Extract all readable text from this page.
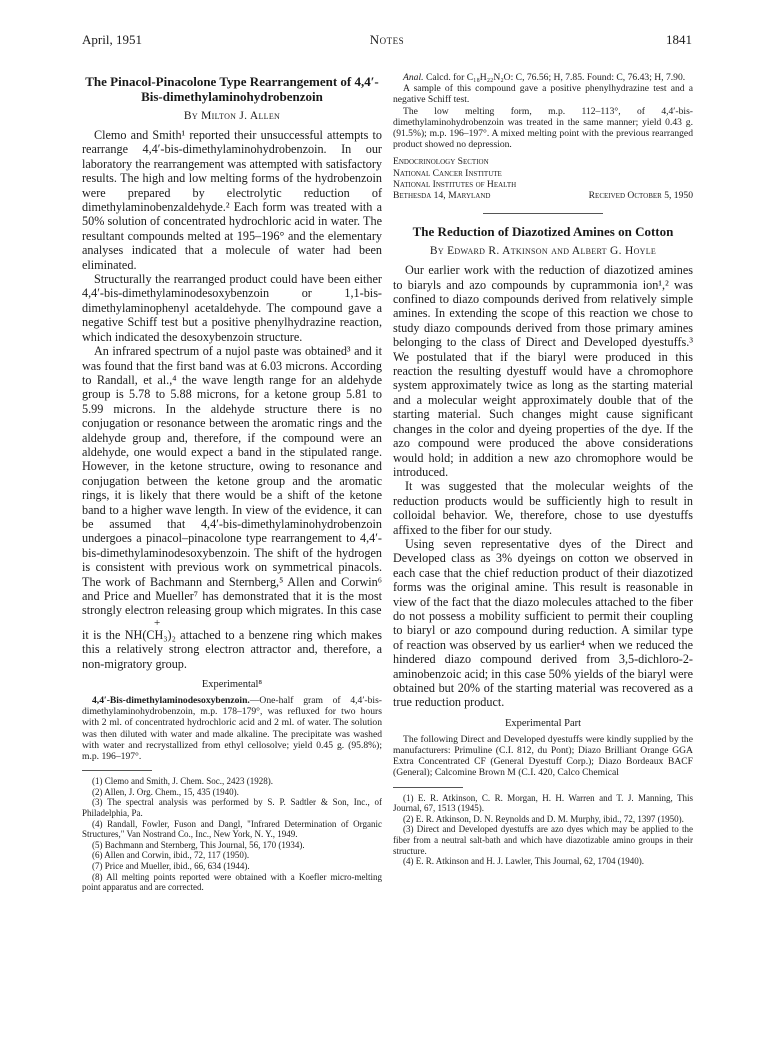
April, 1951	Notes	1841
The Pinacol-Pinacolone Type Rearrangement of 4,4′-Bis-dimethylaminohydrobenzoin
By Milton J. Allen

Clemo and Smith¹ reported their unsuccessful attempts to rearrange 4,4′-bis-dimethylaminohydrobenzoin. In our laboratory the rearrangement was attempted with satisfactory results. The high and low melting forms of the hydrobenzoin were prepared by electrolytic reduction of dimethylaminobenzaldehyde.² Each form was treated with a 50% solution of concentrated hydrochloric acid in water. The resultant compounds melted at 195–196° and the elementary analyses indicated that a molecule of water had been eliminated.

Structurally the rearranged product could have been either 4,4′-bis-dimethylaminodesoxybenzoin or 1,1-bis-dimethylaminophenyl acetaldehyde. The compound gave a negative Schiff test but a positive phenylhydrazine reaction, which indicated the desoxybenzoin structure.

An infrared spectrum of a nujol paste was obtained³ and it was found that the first band was at 6.03 microns. According to Randall, et al.,⁴ the wave length range for an aldehyde group is 5.78 to 5.88 microns, for a ketone group 5.81 to 5.99 microns. In the aldehyde structure there is no conjugation or resonance between the aromatic rings and the aldehyde group and, therefore, if the compound were an aldehyde, one would expect a band in the stipulated range. However, in the ketone structure, owing to resonance and conjugation between the ketone group and the aromatic rings, it is likely that there would be a shift of the ketone band to a higher wave length. In view of the evidence, it can be assumed that 4,4′-bis-dimethylaminohydrobenzoin undergoes a pinacol–pinacolone type rearrangement to 4,4′-bis-dimethylaminodesoxybenzoin. The shift of the hydrogen is consistent with previous work on symmetrical pinacols. The work of Bachmann and Sternberg,⁵ Allen and Corwin⁶ and Price and Mueller⁷ has demonstrated that it is the most strongly electron releasing group which migrates. In this case

+
it is the NH(CH₃)₂ attached to a benzene ring which makes this a relatively strong electron attractor and, therefore, a non-migratory group.
Experimental⁸

4,4′-Bis-dimethylaminodesoxybenzoin.—One-half gram of 4,4′-bis-dimethylaminohydrobenzoin, m.p. 178–179°, was refluxed for two hours with 2 ml. of concentrated hydrochloric acid and 2 ml. of water. The solution was then diluted with water and made alkaline. The precipitate was washed with water and recrystallized from ethyl cellosolve; yield 0.45 g. (95.8%); m.p. 196–197°.

(1) Clemo and Smith, J. Chem. Soc., 2423 (1928).
(2) Allen, J. Org. Chem., 15, 435 (1940).
(3) The spectral analysis was performed by S. P. Sadtler & Son, Inc., of Philadelphia, Pa.
(4) Randall, Fowler, Fuson and Dangl, "Infrared Determination of Organic Structures," Van Nostrand Co., Inc., New York, N. Y., 1949.
(5) Bachmann and Sternberg, This Journal, 56, 170 (1934).
(6) Allen and Corwin, ibid., 72, 117 (1950).
(7) Price and Mueller, ibid., 66, 634 (1944).
(8) All melting points reported were obtained with a Koefler micro-melting point apparatus and are corrected.

Anal. Calcd. for C₁₈H₂₂N₂O: C, 76.56; H, 7.85. Found: C, 76.43; H, 7.90.

A sample of this compound gave a positive phenylhydrazine test and a negative Schiff test.

The low melting form, m.p. 112–113°, of 4,4′-bis-dimethylaminohydrobenzoin was treated in the same manner; yield 0.43 g. (91.5%); m.p. 196–197°. A mixed melting point with the previous rearranged product showed no depression.

Endocrinology Section
National Cancer Institute
National Institutes of Health
Bethesda 14, Maryland	Received October 5, 1950
The Reduction of Diazotized Amines on Cotton
By Edward R. Atkinson and Albert G. Hoyle

Our earlier work with the reduction of diazotized amines to biaryls and azo compounds by cuprammonia ion¹,² was confined to diazo compounds derived from relatively simple amines. In extending the scope of this reaction we chose to study diazo compounds derived from those primary amines belonging to the class of Direct and Developed dyestuffs.³ We postulated that if the biaryl were produced in this reaction the resulting dyestuff would have a chromophore system approximately twice as long as the starting material and a molecular weight approximately double that of the starting material. Such changes might cause significant changes in the color and dyeing properties of the dye. If the azo compound were produced the above considerations would hold; in addition a new azo chromophore would be introduced.

It was suggested that the molecular weights of the reduction products would be sufficiently high to result in colloidal behavior. We, therefore, chose to use dyestuffs affixed to the fiber for our study.

Using seven representative dyes of the Direct and Developed class as 3% dyeings on cotton we observed in each case that the chief reduction product of their diazotized forms was the original amine. This result is reasonable in view of the fact that the diazo molecules attached to the fiber do not possess a mobility sufficient to permit their coupling to biaryl or azo compound during reduction. A similar type of reaction was observed by us earlier⁴ when we reduced the hindered diazo compound derived from 3,5-dichloro-2-aminobenzoic acid; in this case 50% yields of the biaryl were obtained but 20% of the starting material was recovered as a true reduction product.

Experimental Part

The following Direct and Developed dyestuffs were kindly supplied by the manufacturers: Primuline (C.I. 812, du Pont); Diazo Brilliant Orange GGA Extra Concentrated CF (General Dyestuff Corp.); Diazo Bordeaux BACF (General); Calcomine Brown M (C.I. 420, Calco Chemical

(1) E. R. Atkinson, C. R. Morgan, H. H. Warren and T. J. Manning, This Journal, 67, 1513 (1945).
(2) E. R. Atkinson, D. N. Reynolds and D. M. Murphy, ibid., 72, 1397 (1950).
(3) Direct and Developed dyestuffs are azo dyes which may be applied to the fiber from a neutral salt-bath and which have diazotizable amino groups in their structure.
(4) E. R. Atkinson and H. J. Lawler, This Journal, 62, 1704 (1940).
